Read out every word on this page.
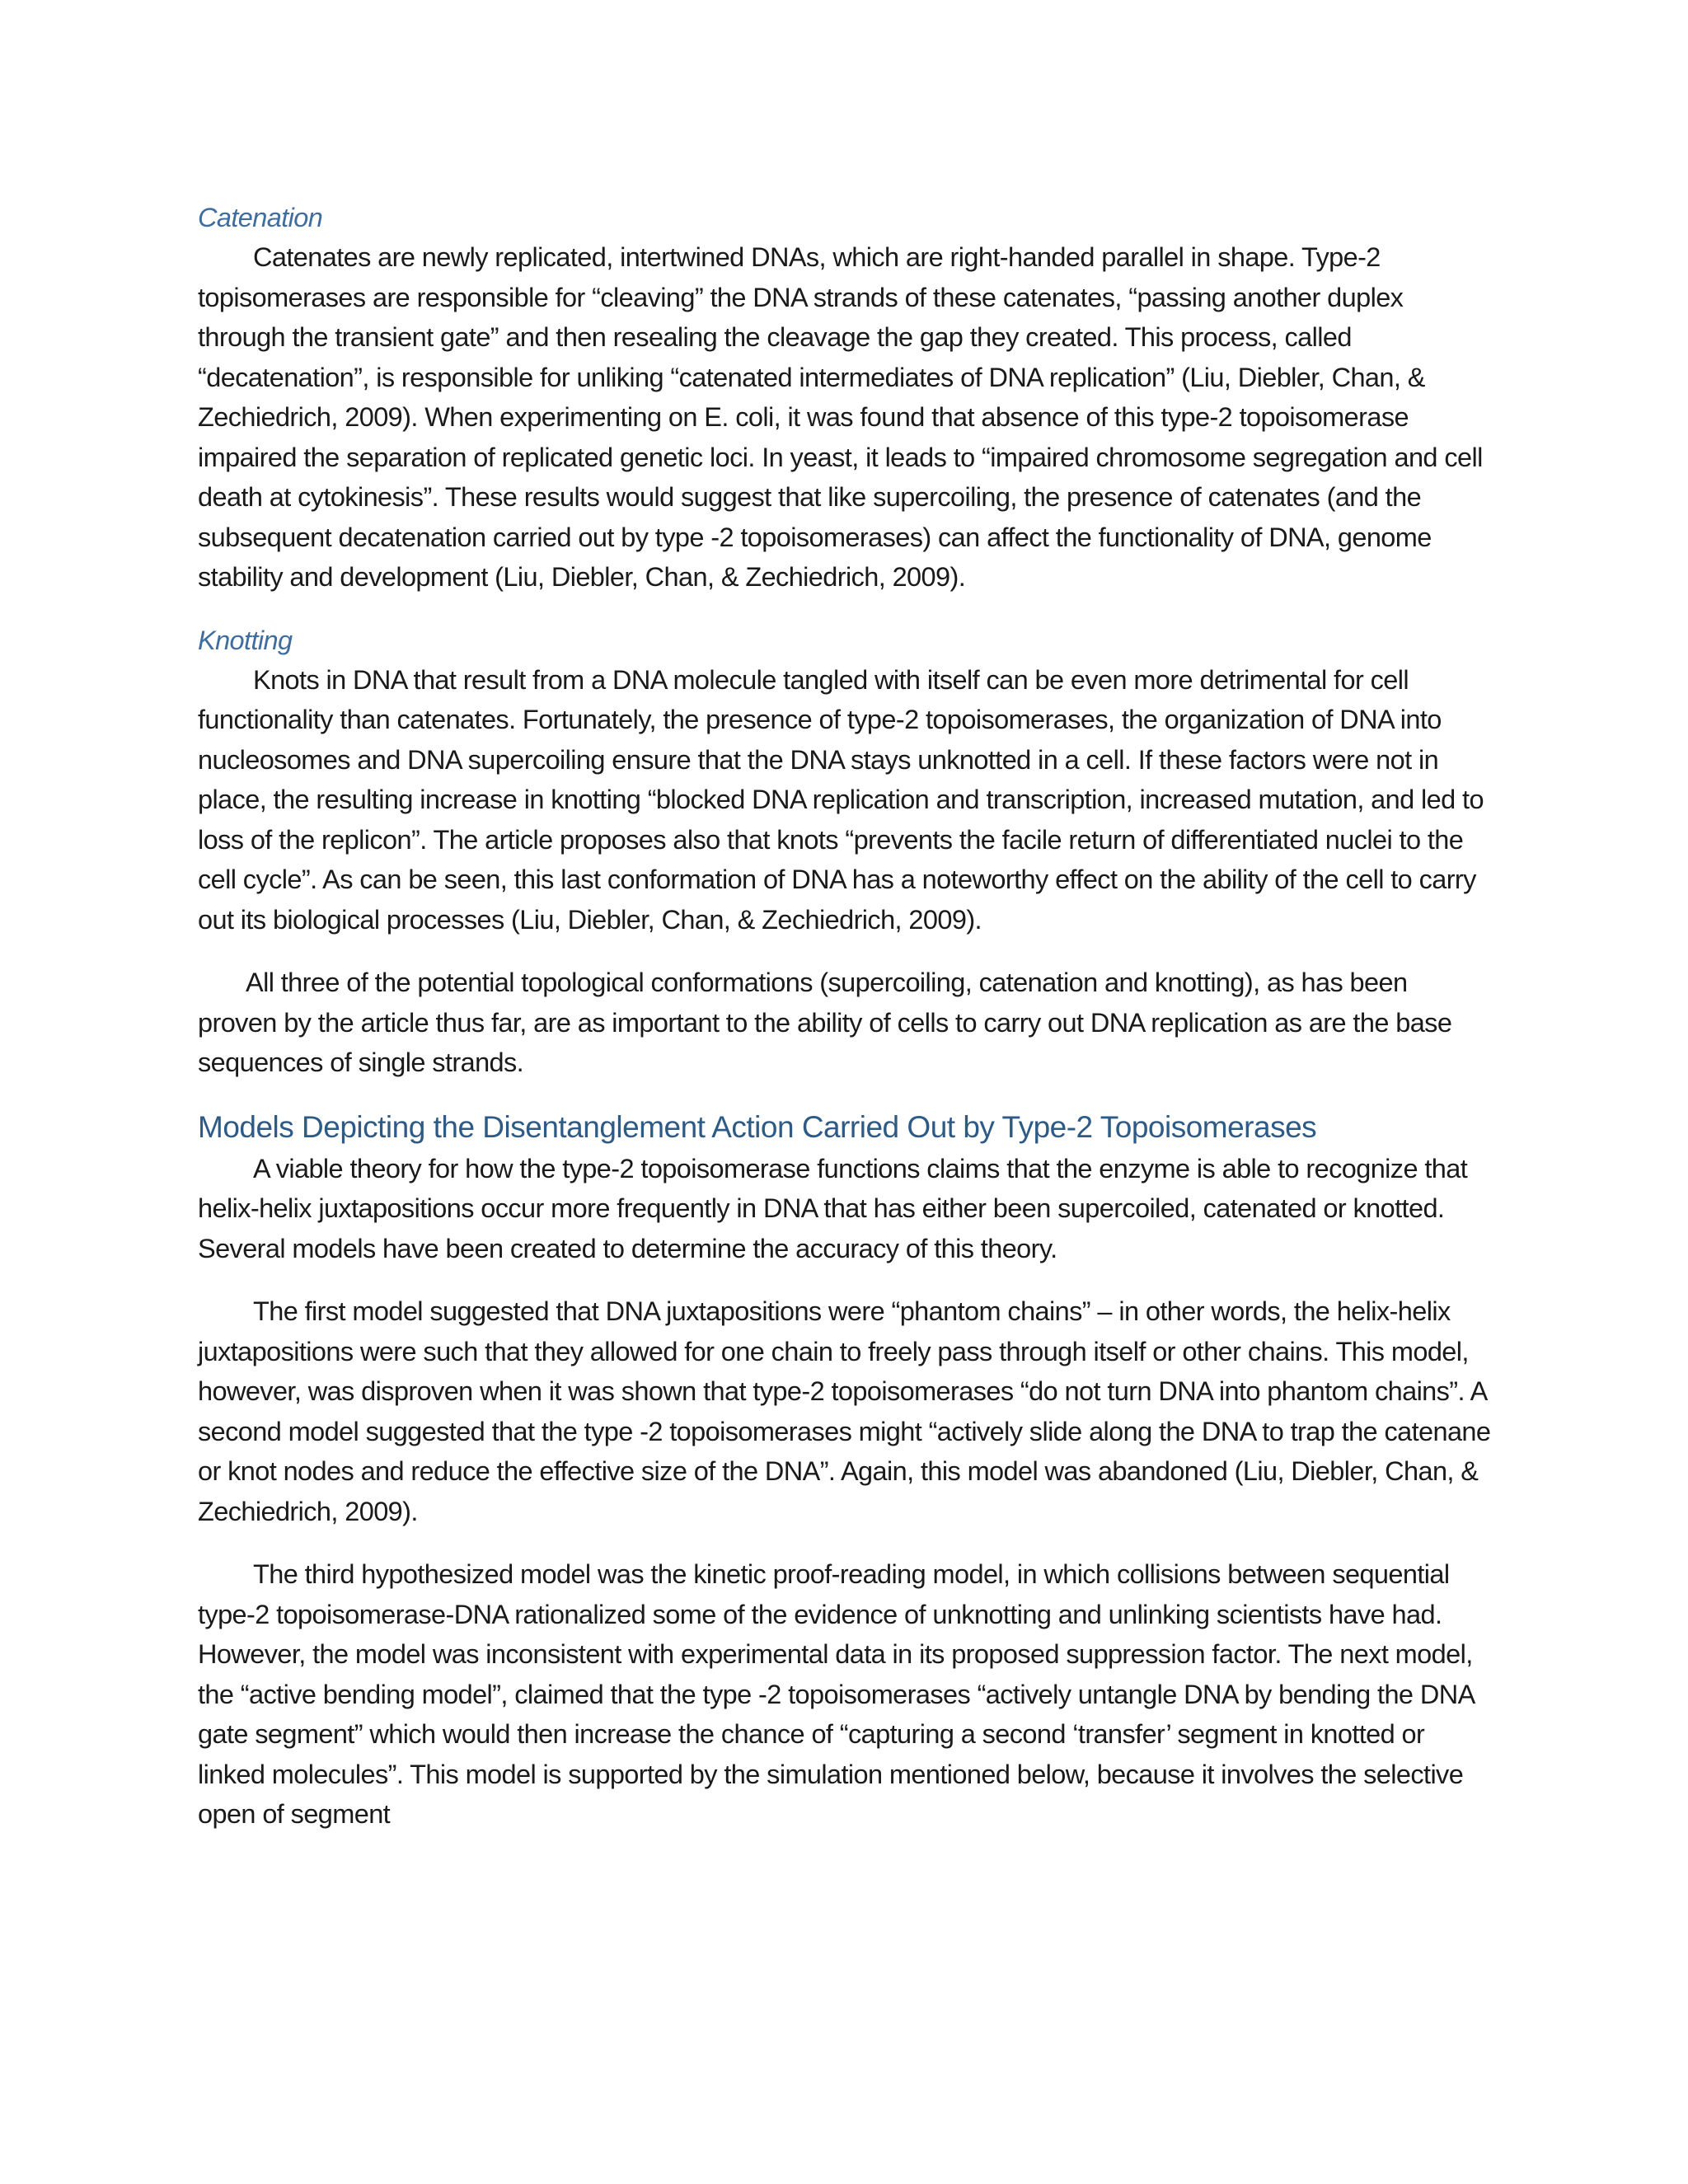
Catenation

Catenates are newly replicated, intertwined DNAs, which are right-handed parallel in shape. Type-2 topisomerases are responsible for “cleaving” the DNA strands of these catenates, “passing another duplex through the transient gate” and then resealing the cleavage the gap they created. This process, called “decatenation”, is responsible for unliking “catenated intermediates of DNA replication” (Liu, Diebler, Chan, & Zechiedrich, 2009). When experimenting on E. coli, it was found that absence of this type-2 topoisomerase impaired the separation of replicated genetic loci. In yeast, it leads to “impaired chromosome segregation and cell death at cytokinesis”. These results would suggest that like supercoiling, the presence of catenates (and the subsequent decatenation carried out by type -2 topoisomerases) can affect the functionality of DNA, genome stability and development (Liu, Diebler, Chan, & Zechiedrich, 2009).

Knotting

Knots in DNA that result from a DNA molecule tangled with itself can be even more detrimental for cell functionality than catenates. Fortunately, the presence of type-2 topoisomerases, the organization of DNA into nucleosomes and DNA supercoiling ensure that the DNA stays unknotted in a cell. If these factors were not in place, the resulting increase in knotting “blocked DNA replication and transcription, increased mutation, and led to loss of the replicon”. The article proposes also that knots “prevents the facile return of differentiated nuclei to the cell cycle”. As can be seen, this last conformation of DNA has a noteworthy effect on the ability of the cell to carry out its biological processes (Liu, Diebler, Chan, & Zechiedrich, 2009).

All three of the potential topological conformations (supercoiling, catenation and knotting), as has been proven by the article thus far, are as important to the ability of cells to carry out DNA replication as are the base sequences of single strands.

Models Depicting the Disentanglement Action Carried Out by Type-2 Topoisomerases

A viable theory for how the type-2 topoisomerase functions claims that the enzyme is able to recognize that helix-helix juxtapositions occur more frequently in DNA that has either been supercoiled, catenated or knotted. Several models have been created to determine the accuracy of this theory.

The first model suggested that DNA juxtapositions were “phantom chains” – in other words, the helix-helix juxtapositions were such that they allowed for one chain to freely pass through itself or other chains. This model, however, was disproven when it was shown that type-2 topoisomerases “do not turn DNA into phantom chains”. A second model suggested that the type -2 topoisomerases might “actively slide along the DNA to trap the catenane or knot nodes and reduce the effective size of the DNA”. Again, this model was abandoned (Liu, Diebler, Chan, & Zechiedrich, 2009).

The third hypothesized model was the kinetic proof-reading model, in which collisions between sequential type-2 topoisomerase-DNA rationalized some of the evidence of unknotting and unlinking scientists have had. However, the model was inconsistent with experimental data in its proposed suppression factor. The next model, the “active bending model”, claimed that the type -2 topoisomerases “actively untangle DNA by bending the DNA gate segment” which would then increase the chance of “capturing a second ‘transfer’ segment in knotted or linked molecules”. This model is supported by the simulation mentioned below, because it involves the selective open of segment
